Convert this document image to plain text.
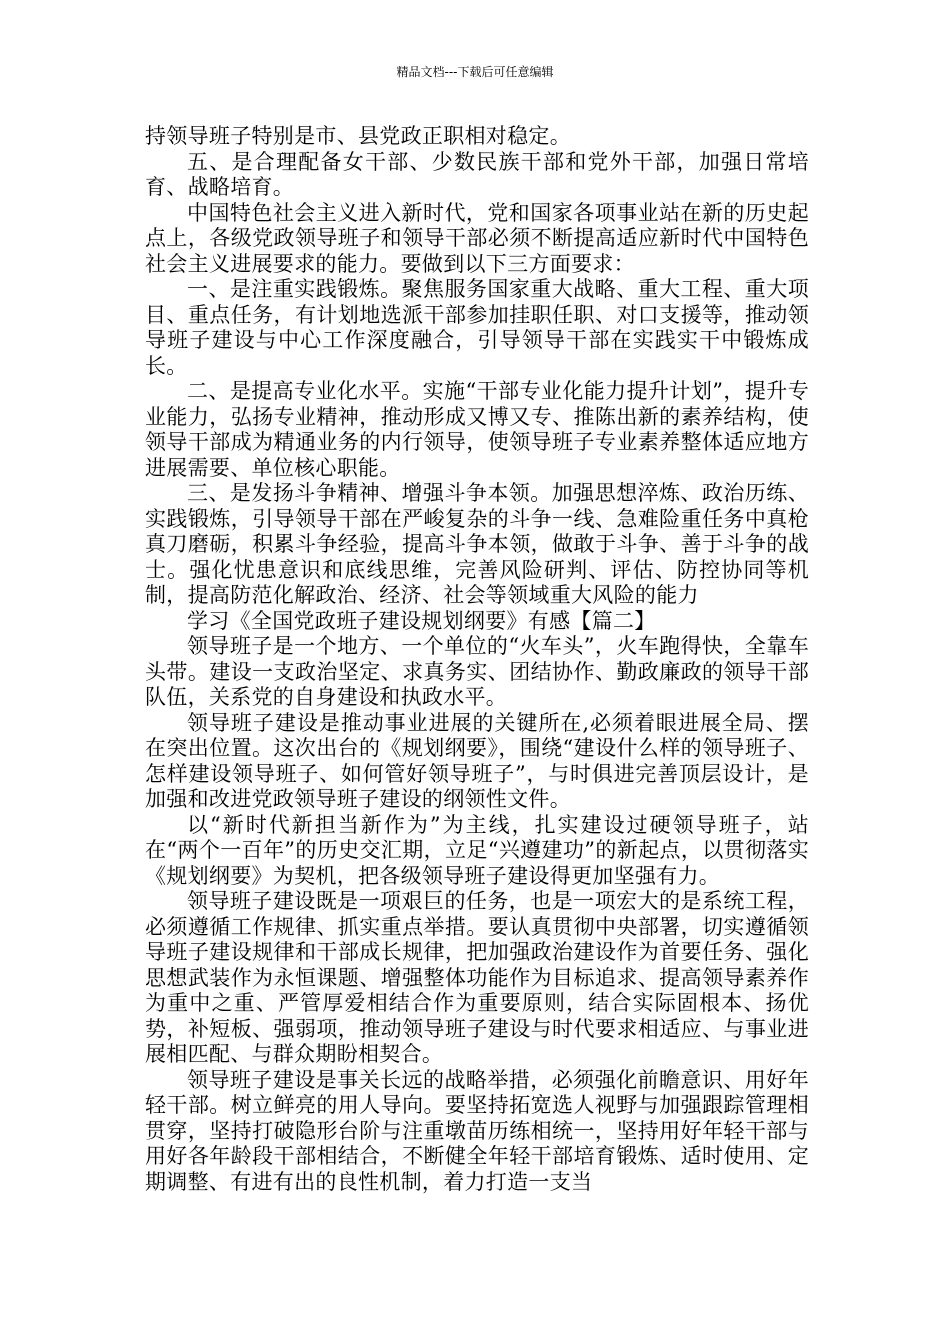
精品文档---下载后可任意编辑

持领导班子特别是市、县党政正职相对稳定。

五、是合理配备女干部、少数民族干部和党外干部，加强日常培育、战略培育。

中国特色社会主义进入新时代，党和国家各项事业站在新的历史起点上，各级党政领导班子和领导干部必须不断提高适应新时代中国特色社会主义进展要求的能力。要做到以下三方面要求：

一、是注重实践锻炼。聚焦服务国家重大战略、重大工程、重大项目、重点任务，有计划地选派干部参加挂职任职、对口支援等，推动领导班子建设与中心工作深度融合，引导领导干部在实践实干中锻炼成长。

二、是提高专业化水平。实施“干部专业化能力提升计划”，提升专业能力，弘扬专业精神，推动形成又博又专、推陈出新的素养结构，使领导干部成为精通业务的内行领导，使领导班子专业素养整体适应地方进展需要、单位核心职能。

三、是发扬斗争精神、增强斗争本领。加强思想淬炼、政治历练、实践锻炼，引导领导干部在严峻复杂的斗争一线、急难险重任务中真枪真刀磨砺，积累斗争经验，提高斗争本领，做敢于斗争、善于斗争的战士。强化忧患意识和底线思维，完善风险研判、评估、防控协同等机制，提高防范化解政治、经济、社会等领域重大风险的能力

学习《全国党政班子建设规划纲要》有感【篇二】

领导班子是一个地方、一个单位的“火车头”，火车跑得快，全靠车头带。建设一支政治坚定、求真务实、团结协作、勤政廉政的领导干部队伍，关系党的自身建设和执政水平。

领导班子建设是推动事业进展的关键所在,必须着眼进展全局、摆在突出位置。这次出台的《规划纲要》，围绕“建设什么样的领导班子、怎样建设领导班子、如何管好领导班子”，与时俱进完善顶层设计，是加强和改进党政领导班子建设的纲领性文件。

以“新时代新担当新作为”为主线，扎实建设过硬领导班子，站在“两个一百年”的历史交汇期，立足“兴遵建功”的新起点，以贯彻落实《规划纲要》为契机，把各级领导班子建设得更加坚强有力。

领导班子建设既是一项艰巨的任务，也是一项宏大的是系统工程，必须遵循工作规律、抓实重点举措。要认真贯彻中央部署，切实遵循领导班子建设规律和干部成长规律，把加强政治建设作为首要任务、强化思想武装作为永恒课题、增强整体功能作为目标追求、提高领导素养作为重中之重、严管厚爱相结合作为重要原则，结合实际固根本、扬优势，补短板、强弱项，推动领导班子建设与时代要求相适应、与事业进展相匹配、与群众期盼相契合。

领导班子建设是事关长远的战略举措，必须强化前瞻意识、用好年轻干部。树立鲜亮的用人导向。要坚持拓宽选人视野与加强跟踪管理相贯穿，坚持打破隐形台阶与注重墩苗历练相统一，坚持用好年轻干部与用好各年龄段干部相结合，不断健全年轻干部培育锻炼、适时使用、定期调整、有进有出的良性机制，着力打造一支当
